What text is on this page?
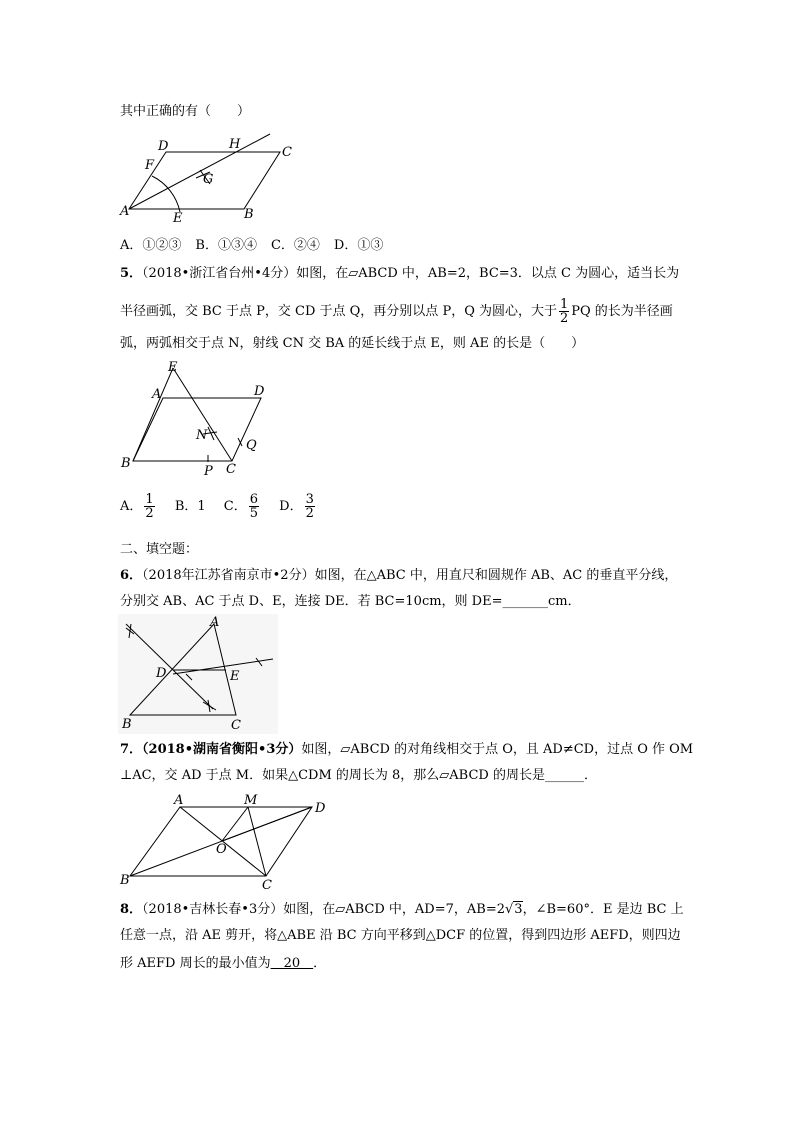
其中正确的有（　　）
D	H
C
F
G
A	E	B
A．①②③ B．①③④ C．②④ D．①③
5．（2018•浙江省台州•4分）如图，在▱ABCD 中，AB=2，BC=3．以点 C 为圆心，适当长为
半径画弧，交 BC 于点 P，交 CD 于点 Q，再分别以点 P，Q 为圆心，大于 $\frac{1}{2}$ PQ 的长为半径画
弧，两弧相交于点 N，射线 CN 交 BA 的延长线于点 E，则 AE 的长是（　　）
E
A	D
N
Q
B
P C
A． $\frac{1}{2}$ B．1 C． $\frac{6}{5}$ D． $\frac{3}{2}$
二、填空题：
6．（2018年江苏省南京市•2分）如图，在△ABC 中，用直尺和圆规作 AB、AC 的垂直平分线，
分别交 AB、AC 于点 D、E，连接 DE．若 BC=10cm，则 DE=_______cm．
A
D	E
B	C
7．（2018•湖南省衡阳•3分）如图，▱ABCD 的对角线相交于点 O，且 AD≠CD，过点 O 作 OM
⊥AC，交 AD 于点 M．如果△CDM 的周长为 8，那么▱ABCD 的周长是______．
A	M
D
O
B	C
8．（2018•吉林长春•3分）如图，在▱ABCD 中，AD=7，AB=2√3，∠B=60°．E 是边 BC 上
任意一点，沿 AE 剪开，将△ABE 沿 BC 方向平移到△DCF 的位置，得到四边形 AEFD，则四边
形 AEFD 周长的最小值为　20　．
